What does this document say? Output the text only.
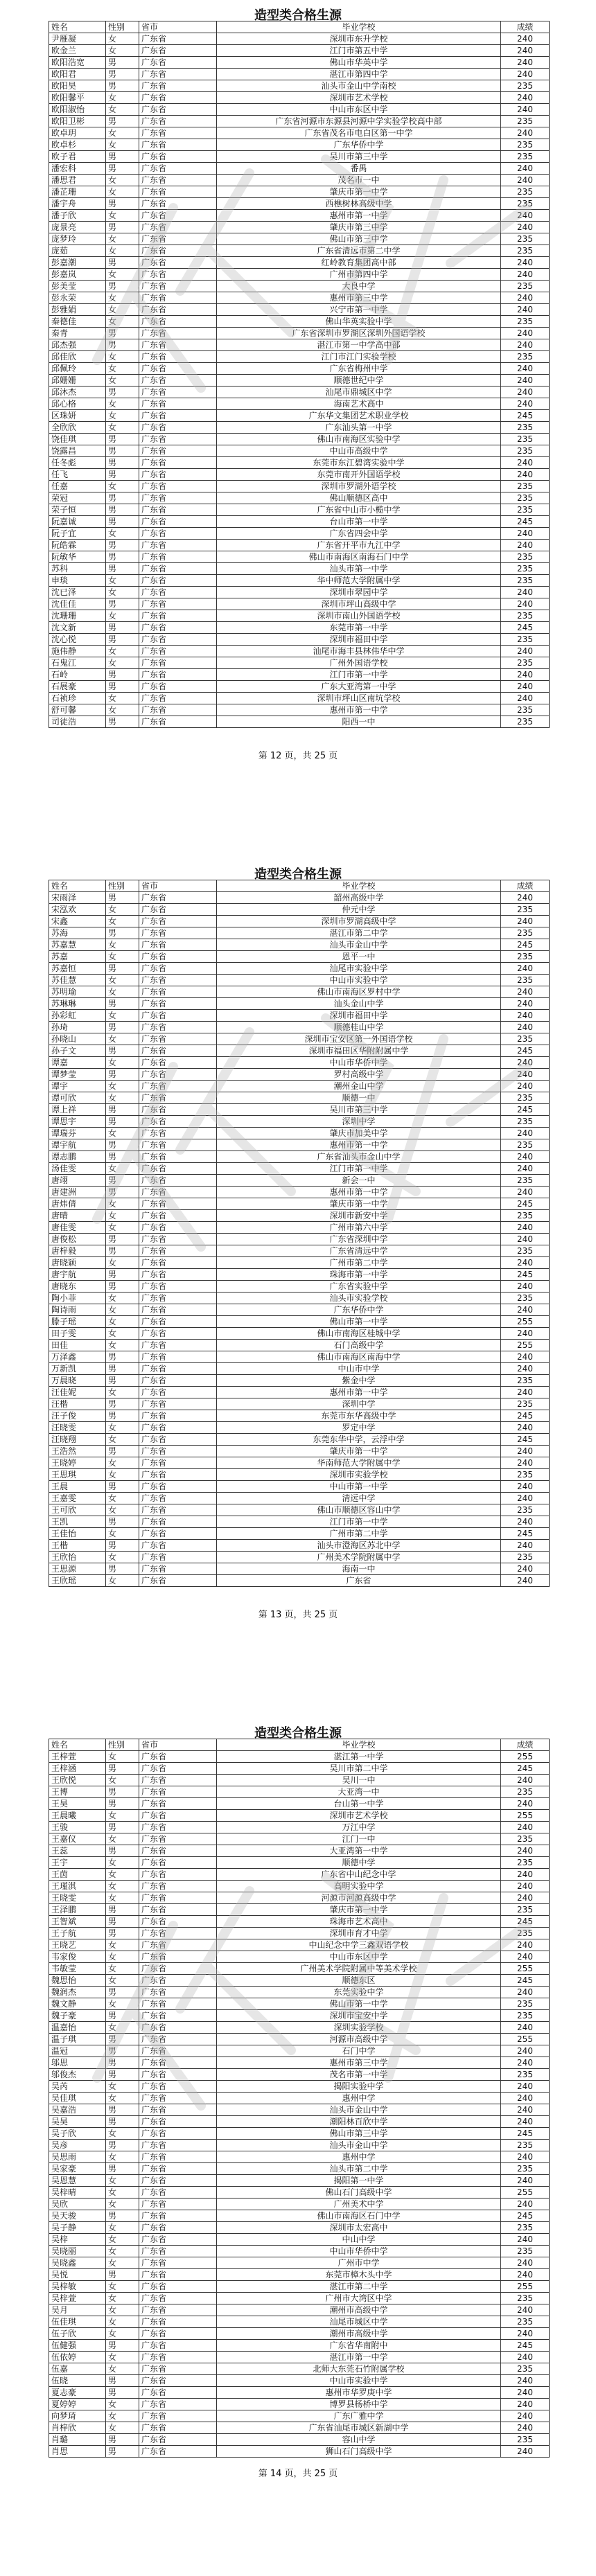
造型类合格生源
姓名	性别	省市	毕业学校	成绩
尹雁凝	女	广东省	深圳市东升学校	240
欧金兰	女	广东省	江门市第五中学	240
欧阳浩宽	男	广东省	佛山市华英中学	240
欧阳君	男	广东省	湛江市第四中学	240
欧阳昊	男	广东省	汕头市金山中学南校	235
欧阳馨平	女	广东省	深圳市艺术学校	240
欧阳淑怡	女	广东省	中山市东区中学	240
欧阳卫彬	男	广东省	广东省河源市东源县河源中学实验学校高中部	235
欧卓玥	女	广东省	广东省茂名市电白区第一中学	240
欧卓杉	女	广东省	广东华侨中学	235
欧子君	男	广东省	吴川市第三中学	235
潘宏科	男	广东省	番禺	240
潘思君	女	广东省	茂名市一中	240
潘芷珊	女	广东省	肇庆市第一中学	235
潘宇舟	男	广东省	西樵树林高级中学	235
潘子欣	女	广东省	惠州市第一中学	240
庞景亮	男	广东省	肇庆市第三中学	240
庞梦玲	女	广东省	佛山市第三中学	235
庞茹	女	广东省	广东省清远市第二中学	235
彭嘉潮	男	广东省	红岭教育集团高中部	240
彭嘉岚	女	广东省	广州市第四中学	240
彭美莹	男	广东省	大良中学	235
彭永荣	女	广东省	惠州市第三中学	240
彭雅娟	女	广东省	兴宁市第一中学	240
秦德佳	女	广东省	佛山华英实验中学	235
秦青	男	广东省	广东省深圳市罗湖区深圳外国语学校	240
邱杰强	男	广东省	湛江市第一中学高中部	240
邱佳欣	女	广东省	江门市江门实验学校	235
邱佩玲	女	广东省	广东省梅州中学	240
邱姗姗	女	广东省	顺德世纪中学	240
邱沐杰	男	广东省	汕尾市鼎城区中学	240
邱心格	女	广东省	海南艺术高中	240
区珠妍	女	广东省	广东华文集团艺术职业学校	245
全欣欣	女	广东省	广东汕头第一中学	235
饶佳琪	男	广东省	佛山市南海区实验中学	235
饶露昌	男	广东省	中山市高级中学	235
任冬彪	男	广东省	东莞市东江碧湾实验中学	240
任飞	男	广东省	东莞市南开外国语学校	240
任嘉	女	广东省	深圳市罗湖外语学校	235
荣冠	男	广东省	佛山顺德区高中	235
荣子恒	男	广东省	广东省中山市小榄中学	235
阮嘉诚	男	广东省	台山市第一中学	245
阮子宜	女	广东省	广东省四会中学	240
阮皓霖	男	广东省	广东省开平市九江中学	240
阮敏华	男	广东省	佛山市南海区南海石门中学	235
苏科	男	广东省	汕头市第一中学	235
申琰	女	广东省	华中师范大学附属中学	235
沈已泽	女	广东省	深圳市翠园中学	240
沈佳佳	男	广东省	深圳市坪山高级中学	240
沈珊珊	女	广东省	深圳市南山外国语学校	235
沈文新	男	广东省	东莞市第一中学	245
沈心悦	男	广东省	深圳市福田中学	235
施伟静	女	广东省	汕尾市海丰县林伟华中学	240
石鬼江	女	广东省	广州外国语学校	235
石岭	男	广东省	江门市第一中学	240
石展豪	男	广东省	广东大亚湾第一中学	240
石祯珍	女	广东省	深圳市坪山区南坑学校	240
舒可馨	女	广东省	惠州市第一中学	235
司徒浩	男	广东省	阳西一中	235
第 12 页，共 25 页
造型类合格生源
姓名	性别	省市	毕业学校	成绩
宋雨泽	男	广东省	韶州高级中学	240
宋泓欢	女	广东省	仲元中学	235
宋鑫	女	广东省	深圳市罗湖高级中学	240
苏海	男	广东省	湛江市第二中学	235
苏嘉慧	女	广东省	汕头市金山中学	245
苏嘉	女	广东省	恩平一中	235
苏嘉恒	男	广东省	汕尾市实验中学	240
苏佳慧	女	广东省	中山市实验中学	235
苏明瑜	女	广东省	佛山市南海区罗村中学	240
苏琳琳	男	广东省	汕头金山中学	240
孙彩虹	女	广东省	深圳市福田中学	240
孙琦	男	广东省	顺德桂山中学	240
孙晓山	女	广东省	深圳市宝安区第一外国语学校	235
孙子文	男	广东省	深圳市福田区华附附属中学	245
谭嘉	女	广东省	中山市华侨中学	240
谭梦莹	男	广东省	罗村高级中学	240
谭宇	女	广东省	潮州金山中学	240
谭可欣	女	广东省	顺德一中	235
谭上祥	男	广东省	吴川市第三中学	245
谭思宇	男	广东省	深圳中学	235
谭瑞芬	女	广东省	肇庆市加美中学	240
谭宇航	男	广东省	惠州市第一中学	235
谭志鹏	男	广东省	广东省汕头市金山中学	240
汤佳雯	女	广东省	江门市第一中学	240
唐翊	男	广东省	新会一中	235
唐建洲	男	广东省	惠州市第一中学	240
唐炜倩	女	广东省	肇庆市第一中学	245
唐晴	女	广东省	深圳市新安中学	235
唐佳雯	女	广东省	广州市第六中学	240
唐俊松	男	广东省	广东省深圳中学	240
唐梓毅	男	广东省	广东省清远中学	235
唐晓颖	女	广东省	广州市第二中学	240
唐宇航	男	广东省	珠海市第一中学	245
唐晓东	男	广东省	广东省实验中学	240
陶小菲	女	广东省	汕头市实验学校	235
陶诗雨	女	广东省	广东华侨中学	240
滕子瑶	女	广东省	佛山市第一中学	255
田子雯	女	广东省	佛山市南海区桂城中学	240
田佳	女	广东省	石门高级中学	255
万泽鑫	男	广东省	佛山市南海区南海中学	240
万新凯	男	广东省	中山市中学	240
万晨晓	男	广东省	紫金中学	235
汪佳妮	女	广东省	惠州市第一中学	240
汪楷	男	广东省	深圳中学	235
汪子俊	男	广东省	东莞市东华高级中学	245
汪晓雯	女	广东省	罗定中学	240
汪晓翔	女	广东省	东莞东华中学，云浮中学	245
王浩然	男	广东省	肇庆市第一中学	240
王晓婷	女	广东省	华南师范大学附属中学	240
王思琪	女	广东省	深圳市实验学校	235
王晨	男	广东省	中山市第一中学	240
王嘉雯	女	广东省	清远中学	240
王可欣	女	广东省	佛山市顺德区容山中学	235
王凯	男	广东省	江门市第一中学	240
王佳怡	女	广东省	广州市第二中学	245
王楷	男	广东省	汕头市澄海区苏北中学	240
王欣怡	女	广东省	广州美术学院附属中学	235
王思源	男	广东省	海南一中	240
王欣瑶	女	广东省	广东省	240
第 13 页，共 25 页
造型类合格生源
姓名	性别	省市	毕业学校	成绩
王梓萱	女	广东省	湛江第一中学	255
王梓涵	男	广东省	吴川市第二中学	245
王欣悦	女	广东省	吴川一中	240
王博	男	广东省	大亚湾一中	235
王昊	男	广东省	台山第一中学	240
王晨曦	女	广东省	深圳市艺术学校	255
王骏	男	广东省	万江中学	240
王嘉仪	女	广东省	江门一中	235
王蕊	男	广东省	大亚湾第一中学	240
王宇	女	广东省	顺德中学	235
王茵	女	广东省	广东省中山纪念中学	240
王瑾淇	女	广东省	高明实验中学	240
王晓雯	女	广东省	河源市河源高级中学	240
王泽鹏	男	广东省	肇庆市第一中学	235
王智斌	男	广东省	珠海市艺术高中	245
王子航	男	广东省	深圳市育才中学	235
王晓艺	女	广东省	中山纪念中学三鑫双语学校	240
韦家俊	女	广东省	中山市东区中学	240
韦敏莹	女	广东省	广州美术学院附属中等美术学校	255
魏思怡	女	广东省	顺德东区	245
魏润杰	男	广东省	东莞实验中学	240
魏文静	女	广东省	佛山市第一中学	235
魏子豪	男	广东省	深圳市宝安中学	235
温嘉怡	女	广东省	深圳实验学校	240
温子琪	男	广东省	河源市高级中学	255
温冠	男	广东省	石门中学	240
邬思	男	广东省	惠州市第三中学	240
邬俊杰	男	广东省	茂名市第一中学	235
吴芮	女	广东省	揭阳实验中学	240
吴佳琪	女	广东省	惠州中学	240
吴嘉浩	男	广东省	汕头市金山中学	240
吴昊	男	广东省	潮阳林百欣中学	240
吴子欣	女	广东省	佛山市第三中学	245
吴彦	男	广东省	汕头市金山中学	235
吴思雨	女	广东省	惠州中学	240
吴家豪	男	广东省	汕头市第二中学	235
吴恩慧	女	广东省	揭阳第一中学	240
吴梓晴	女	广东省	佛山石门高级中学	255
吴欣	女	广东省	广州美术中学	240
吴天骏	男	广东省	佛山市南海区石门中学	245
吴子静	女	广东省	深圳市太宏高中	235
吴梓	女	广东省	中山中学	240
吴晓丽	女	广东省	中山市华侨中学	235
吴晓鑫	女	广东省	广州市中学	240
吴悦	男	广东省	东莞市樟木头中学	240
吴梓敏	女	广东省	湛江市第二中学	255
吴梓萱	女	广东省	广州市大湾区中学	235
吴月	女	广东省	潮州市高级中学	240
伍佳琪	女	广东省	汕尾市城区中学	235
伍子欣	女	广东省	潮州市高级中学	240
伍健强	男	广东省	广东省华南附中	245
伍依婷	女	广东省	湛江市第一中学	240
伍嘉	女	广东省	北师大东莞石竹附属学校	235
伍晓	男	广东省	中山市实验中学	240
夏志豪	男	广东省	惠州市华罗庚中学	240
夏婷婷	女	广东省	博罗县杨桥中学	240
向梦琦	女	广东省	广东广雅中学	240
肖梓欣	女	广东省	广东省汕尾市城区新湖中学	240
肖璐	男	广东省	容山中学	235
肖思	男	广东省	狮山石门高级中学	240
第 14 页，共 25 页
